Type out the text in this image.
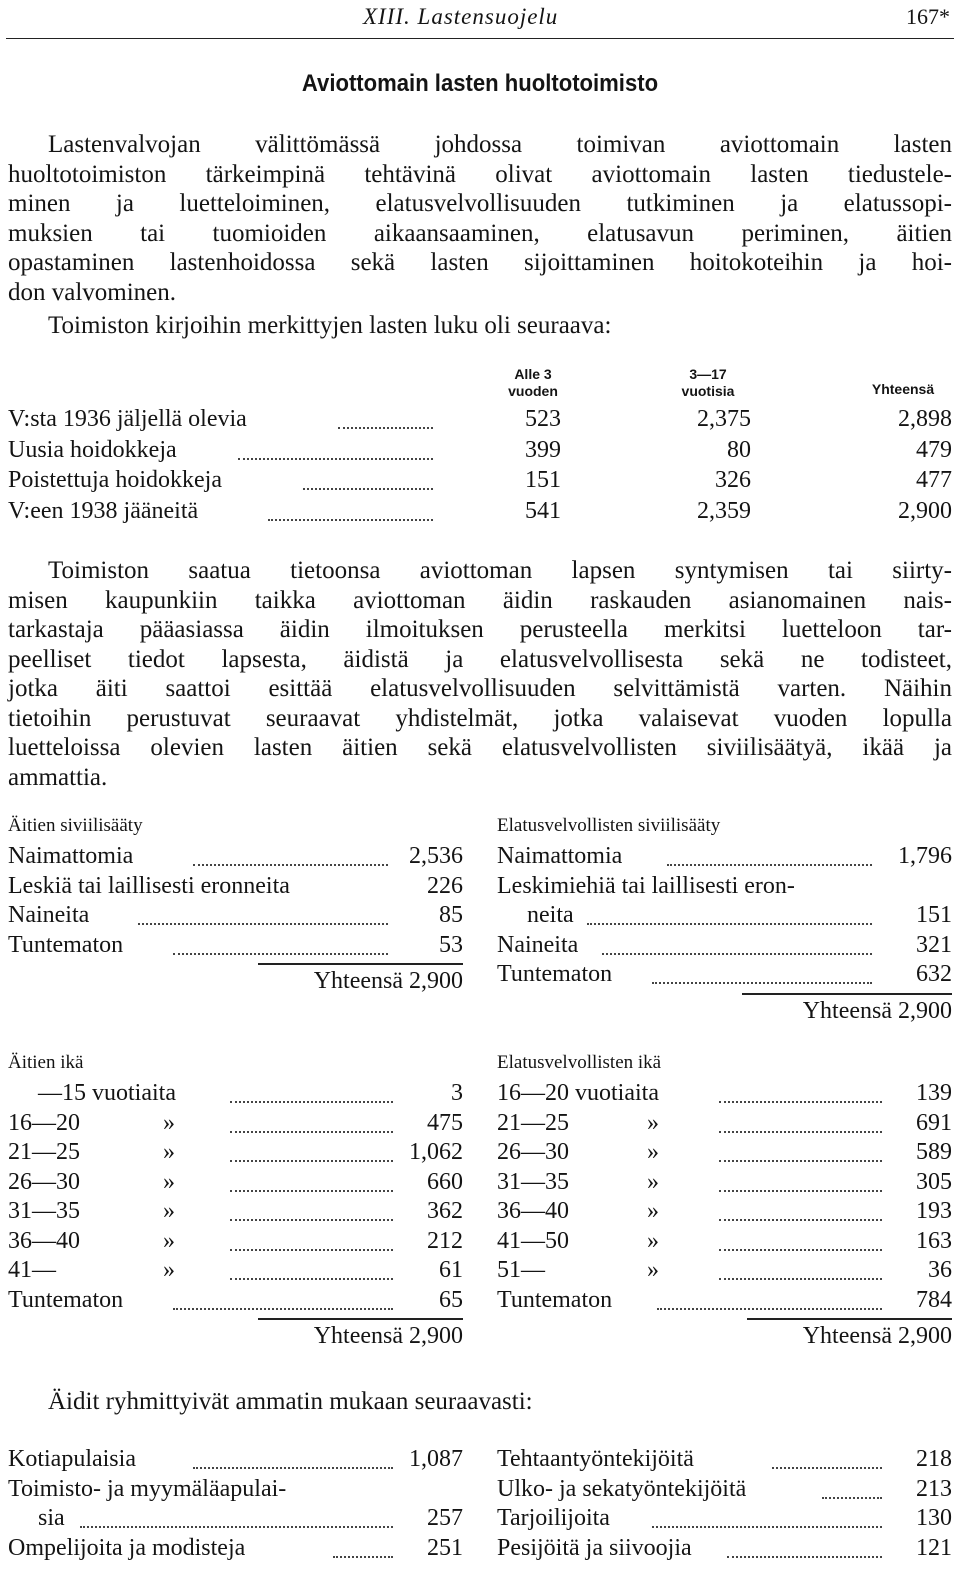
XIII. Lastensuojelu	167*
Aviottomain lasten huoltotoimisto
Lastenvalvojan välittömässä johdossa toimivan aviottomain lasten
huoltotoimiston tärkeimpinä tehtävinä olivat aviottomain lasten tiedustele-
minen ja luetteloiminen, elatusvelvollisuuden tutkiminen ja elatussopi-
muksien tai tuomioiden aikaansaaminen, elatusavun periminen, äitien
opastaminen lastenhoidossa sekä lasten sijoittaminen hoitokoteihin ja hoi-
don valvominen.
Toimiston kirjoihin merkittyjen lasten luku oli seuraava:
Alle 3
vuoden
3—17
vuotisia	Yhteensä
V:sta 1936 jäljellä olevia	523	2,375	2,898
Uusia hoidokkeja	399	80	479
Poistettuja hoidokkeja	151	326	477
V:een 1938 jääneitä	541	2,359	2,900
Toimiston saatua tietoonsa aviottoman lapsen syntymisen tai siirty-
misen kaupunkiin taikka aviottoman äidin raskauden asianomainen nais-
tarkastaja pääasiassa äidin ilmoituksen perusteella merkitsi luetteloon tar-
peelliset tiedot lapsesta, äidistä ja elatusvelvollisesta sekä ne todisteet,
jotka äiti saattoi esittää elatusvelvollisuuden selvittämistä varten. Näihin
tietoihin perustuvat seuraavat yhdistelmät, jotka valaisevat vuoden lopulla
luetteloissa olevien lasten äitien sekä elatusvelvollisten siviilisäätyä, ikää ja
ammattia.
Äitien siviilisääty
Naimattomia	2,536
Leskiä tai laillisesti eronneita	226
Naineita	85
Tuntematon	53
Yhteensä 2,900
Elatusvelvollisten siviilisääty
Naimattomia	1,796
Leskimiehiä tai laillisesti eron-
neita	151
Naineita	321
Tuntematon	632
Yhteensä 2,900
Äitien ikä
—15 vuotiaita	3
16—20	»	475
21—25	»	1,062
26—30	»	660
31—35	»	362
36—40	»	212
41—	»	61
Tuntematon	65
Yhteensä 2,900
Elatusvelvollisten ikä
16—20 vuotiaita	139
21—25	»	691
26—30	»	589
31—35	»	305
36—40	»	193
41—50	»	163
51—	»	36
Tuntematon	784
Yhteensä 2,900
Äidit ryhmittyivät ammatin mukaan seuraavasti:
Kotiapulaisia	1,087
Toimisto- ja myymäläapulai-
sia	257
Ompelijoita ja modisteja	251
Tehtaantyöntekijöitä	218
Ulko- ja sekatyöntekijöitä	213
Tarjoilijoita	130
Pesijöitä ja siivoojia	121
